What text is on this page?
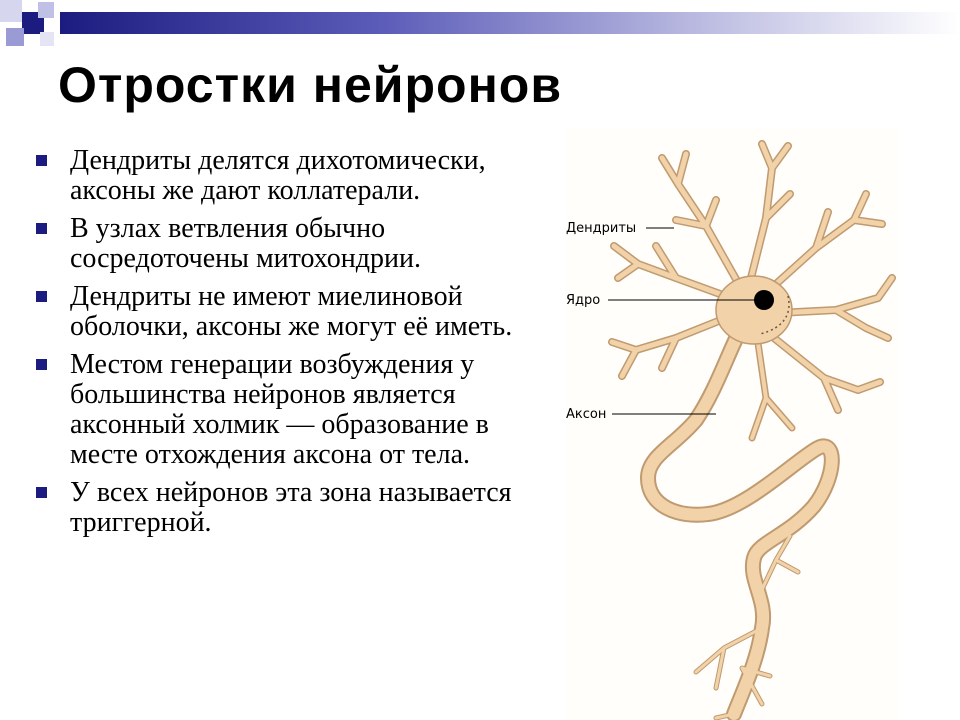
Отростки нейронов
Дендриты делятся дихотомически, аксоны же дают коллатерали.
В узлах ветвления обычно сосредоточены митохондрии.
Дендриты не имеют миелиновой оболочки, аксоны же могут её иметь.
Местом генерации возбуждения у большинства нейронов является аксонный холмик — образование в месте отхождения аксона от тела.
У всех нейронов эта зона называется триггерной.
Дендриты
Ядро
Аксон
